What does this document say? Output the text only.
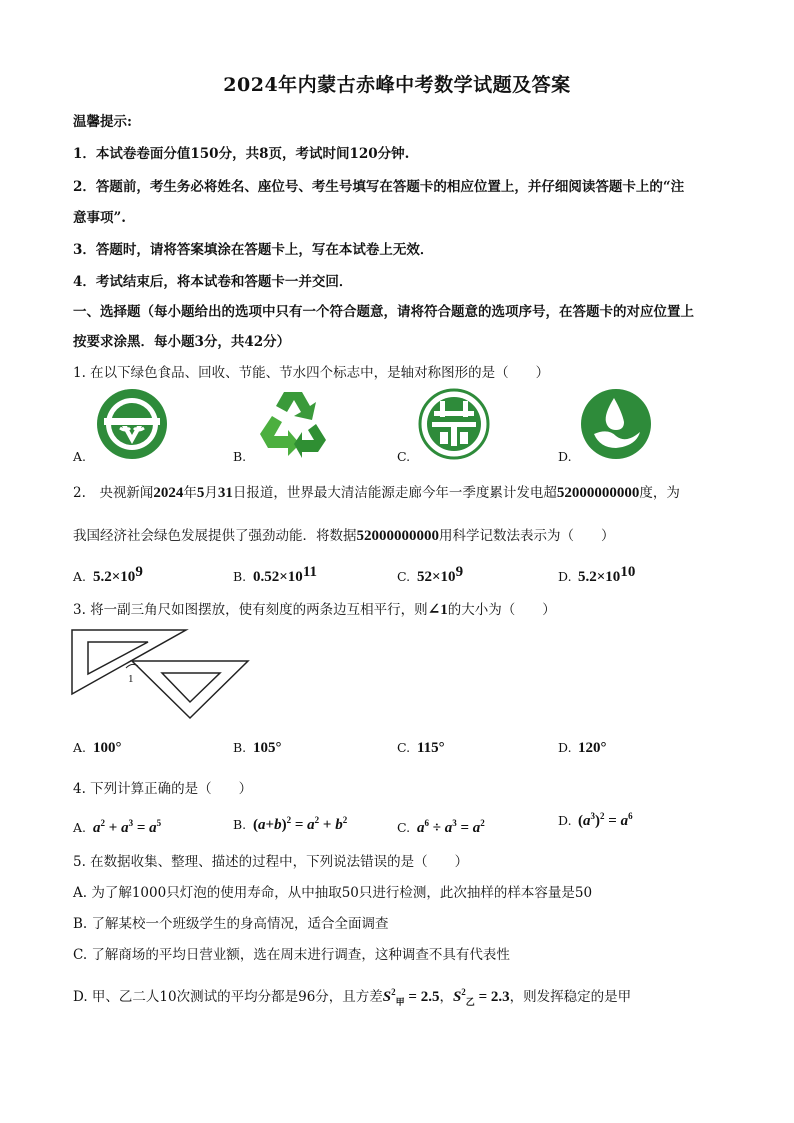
2024年内蒙古赤峰中考数学试题及答案
温馨提示:
1．本试卷卷面分值150分，共8页，考试时间120分钟.
2．答题前，考生务必将姓名、座位号、考生号填写在答题卡的相应位置上，并仔细阅读答题卡上的“注
意事项”.
3．答题时，请将答案填涂在答题卡上，写在本试卷上无效．
4．考试结束后，将本试卷和答题卡一并交回．
一、选择题（每小题给出的选项中只有一个符合题意，请将符合题意的选项序号，在答题卡的对应位置上
按要求涂黑．每小题3分，共42分）
1. 在以下绿色食品、回收、节能、节水四个标志中，是轴对称图形的是（　　）
A.	B.	C.	D.
2.　央视新闻2024年5月31日报道，世界最大清洁能源走廊今年一季度累计发电超52000000000度，为
我国经济社会绿色发展提供了强劲动能．将数据52000000000用科学记数法表示为（　　）
A. $5.2\times 10^9$	B. $0.52\times 10^{11}$	C. $52\times 10^9$	D. $5.2\times 10^{10}$
3. 将一副三角尺如图摆放，使有刻度的两条边互相平行，则∠1的大小为（　　）
1
A. 100°	B. 105°	C. 115°	D. 120°
4. 下列计算正确的是（　　）
A. $a^2 + a^3 = a^5$	B. $(a+b)^2 = a^2 + b^2$	C. $a^6 \div a^3 = a^2$	D. $(a^3)^2 = a^6$
5. 在数据收集、整理、描述的过程中，下列说法错误的是（　　）
A. 为了解1000只灯泡的使用寿命，从中抽取50只进行检测，此次抽样的样本容量是50
B. 了解某校一个班级学生的身高情况，适合全面调查
C. 了解商场的平均日营业额，选在周末进行调查，这种调查不具有代表性
D. 甲、乙二人10次测试的平均分都是96分，且方差$S^2_甲 = 2.5$，$S^2_乙 = 2.3$，则发挥稳定的是甲
